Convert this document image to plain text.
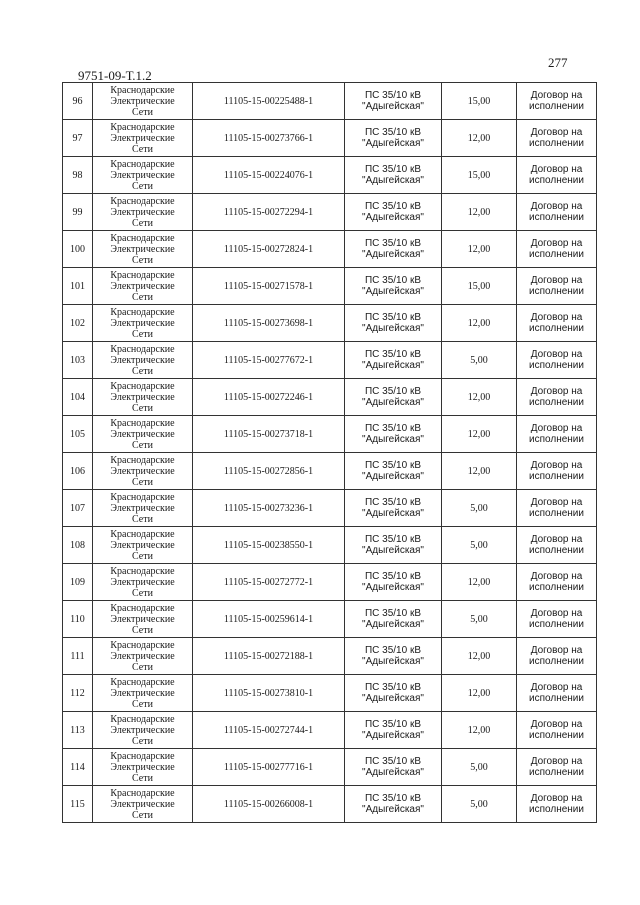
277
9751-09-Т.1.2
96	Краснодарские
Электрические
Сети	11105-15-00225488-1	ПС 35/10 кВ
"Адыгейская"	15,00	Договор на
исполнении

97	Краснодарские
Электрические
Сети	11105-15-00273766-1	ПС 35/10 кВ
"Адыгейская"	12,00	Договор на
исполнении

98	Краснодарские
Электрические
Сети	11105-15-00224076-1	ПС 35/10 кВ
"Адыгейская"	15,00	Договор на
исполнении

99	Краснодарские
Электрические
Сети	11105-15-00272294-1	ПС 35/10 кВ
"Адыгейская"	12,00	Договор на
исполнении

100	Краснодарские
Электрические
Сети	11105-15-00272824-1	ПС 35/10 кВ
"Адыгейская"	12,00	Договор на
исполнении

101	Краснодарские
Электрические
Сети	11105-15-00271578-1	ПС 35/10 кВ
"Адыгейская"	15,00	Договор на
исполнении

102	Краснодарские
Электрические
Сети	11105-15-00273698-1	ПС 35/10 кВ
"Адыгейская"	12,00	Договор на
исполнении

103	Краснодарские
Электрические
Сети	11105-15-00277672-1	ПС 35/10 кВ
"Адыгейская"	5,00	Договор на
исполнении

104	Краснодарские
Электрические
Сети	11105-15-00272246-1	ПС 35/10 кВ
"Адыгейская"	12,00	Договор на
исполнении

105	Краснодарские
Электрические
Сети	11105-15-00273718-1	ПС 35/10 кВ
"Адыгейская"	12,00	Договор на
исполнении

106	Краснодарские
Электрические
Сети	11105-15-00272856-1	ПС 35/10 кВ
"Адыгейская"	12,00	Договор на
исполнении

107	Краснодарские
Электрические
Сети	11105-15-00273236-1	ПС 35/10 кВ
"Адыгейская"	5,00	Договор на
исполнении

108	Краснодарские
Электрические
Сети	11105-15-00238550-1	ПС 35/10 кВ
"Адыгейская"	5,00	Договор на
исполнении

109	Краснодарские
Электрические
Сети	11105-15-00272772-1	ПС 35/10 кВ
"Адыгейская"	12,00	Договор на
исполнении

110	Краснодарские
Электрические
Сети	11105-15-00259614-1	ПС 35/10 кВ
"Адыгейская"	5,00	Договор на
исполнении

111	Краснодарские
Электрические
Сети	11105-15-00272188-1	ПС 35/10 кВ
"Адыгейская"	12,00	Договор на
исполнении

112	Краснодарские
Электрические
Сети	11105-15-00273810-1	ПС 35/10 кВ
"Адыгейская"	12,00	Договор на
исполнении

113	Краснодарские
Электрические
Сети	11105-15-00272744-1	ПС 35/10 кВ
"Адыгейская"	12,00	Договор на
исполнении

114	Краснодарские
Электрические
Сети	11105-15-00277716-1	ПС 35/10 кВ
"Адыгейская"	5,00	Договор на
исполнении

115	Краснодарские
Электрические
Сети	11105-15-00266008-1	ПС 35/10 кВ
"Адыгейская"	5,00	Договор на
исполнении
